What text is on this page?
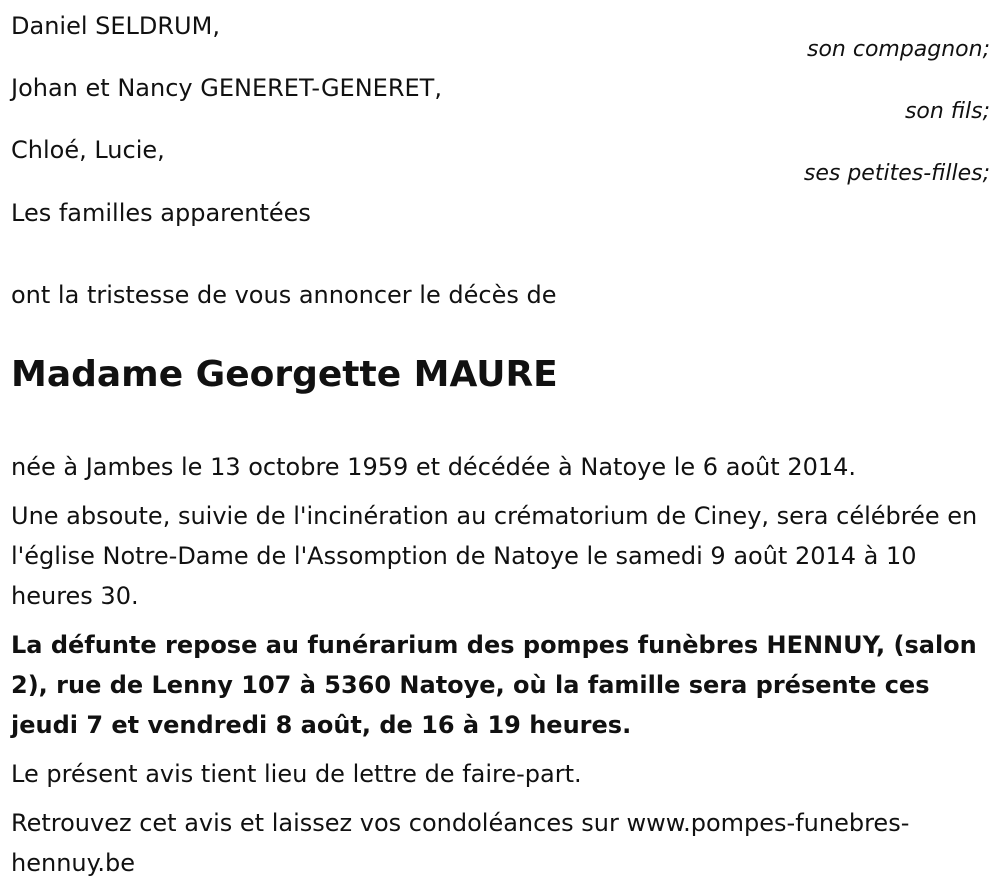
Daniel SELDRUM,
son compagnon;
Johan et Nancy GENERET-GENERET,
son fils;
Chloé, Lucie,
ses petites-filles;
Les familles apparentées
ont la tristesse de vous annoncer le décès de
Madame Georgette MAURE

née à Jambes le 13 octobre 1959 et décédée à Natoye le 6 août 2014.

Une absoute, suivie de l'incinération au crématorium de Ciney, sera célébrée en l'église Notre-Dame de l'Assomption de Natoye le samedi 9 août 2014 à 10 heures 30.

La défunte repose au funérarium des pompes funèbres HENNUY, (salon 2), rue de Lenny 107 à 5360 Natoye, où la famille sera présente ces jeudi 7 et vendredi 8 août, de 16 à 19 heures.

Le présent avis tient lieu de lettre de faire-part.

Retrouvez cet avis et laissez vos condoléances sur www.pompes-funebres-hennuy.be
